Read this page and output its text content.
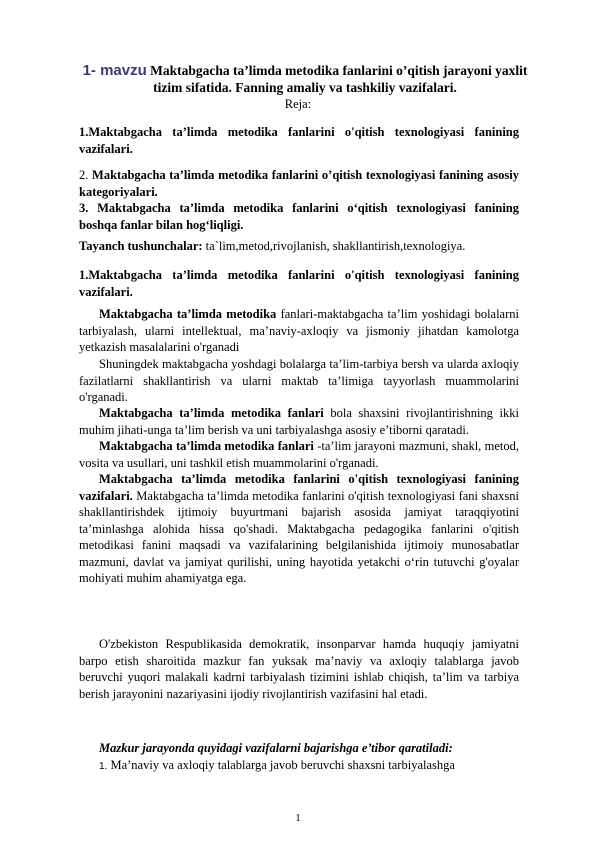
1- mavzu Maktabgacha ta’limda metodika fanlarini o’qitish jarayoni yaxlit tizim sifatida. Fanning amaliy va tashkiliy vazifalari.
Reja:
1.Maktabgacha ta’limda metodika fanlarini o'qitish texnologiyasi fanining vazifalari.
2. Maktabgacha ta’limda metodika fanlarini o’qitish texnologiyasi fanining asosiy kategoriyalari.
3. Maktabgacha ta’limda metodika fanlarini o‘qitish texnologiyasi fanining boshqa fanlar bilan hog‘liqligi.
Tayanch tushunchalar: ta`lim,metod,rivojlanish, shakllantirish,texnologiya.
1.Maktabgacha ta’limda metodika fanlarini o'qitish texnologiyasi fanining vazifalari.
Maktabgacha ta’limda metodika fanlari-maktabgacha ta’lim yoshidagi bolalarni tarbiyalash, ularni intellektual, ma’naviy-axloqiy va jismoniy jihatdan kamolotga yetkazish masalalarini o'rganadi
Shuningdek maktabgacha yoshdagi bolalarga ta’lim-tarbiya bersh va ularda axloqiy fazilatlarni shakllantirish va ularni maktab ta’limiga tayyorlash muammolarini o'rganadi.
Maktabgacha ta’limda metodika fanlari bola shaxsini rivojlantirishning ikki muhim jihati-unga ta’lim berish va uni tarbiyalashga asosiy e’tiborni qaratadi.
Maktabgacha ta’limda metodika fanlari -ta’lim jarayoni mazmuni, shakl, metod, vosita va usullari, uni tashkil etish muammolarini o'rganadi.
Maktabgacha ta’limda metodika fanlarini o'qitish texnologiyasi fanining vazifalari. Maktabgacha ta’limda metodika fanlarini o'qitish texnologiyasi fani shaxsni shakllantirishdek ijtimoiy buyurtmani bajarish asosida jamiyat taraqqiyotini ta’minlashga alohida hissa qo'shadi. Maktabgacha pedagogika fanlarini o'qitish metodikasi fanini maqsadi va vazifalarining belgilanishida ijtimoiy munosabatlar mazmuni, davlat va jamiyat qurilishi, uning hayotida yetakchi o‘rin tutuvchi g'oyalar mohiyati muhim ahamiyatga ega.
O'zbekiston Respublikasida demokratik, insonparvar hamda huquqiy jamiyatni barpo etish sharoitida mazkur fan yuksak ma’naviy va axloqiy talablarga javob beruvchi yuqori malakali kadrni tarbiyalash tizimini ishlab chiqish, ta’lim va tarbiya berish jarayonini nazariyasini ijodiy rivojlantirish vazifasini hal etadi.
Mazkur jarayonda quyidagi vazifalarni bajarishga e’tibor qaratiladi:
1. Ma’naviy va axloqiy talablarga javob beruvchi shaxsni tarbiyalashga
1
